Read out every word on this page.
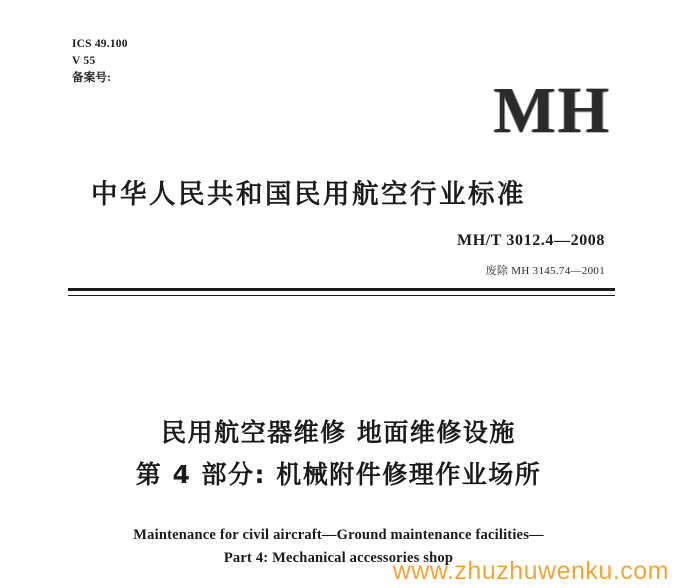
ICS 49.100
V 55
备案号:	MH
中华人民共和国民用航空行业标准
MH/T 3012.4—2008
废除 MH 3145.74—2001
民用航空器维修 地面维修设施
第 4 部分: 机械附件修理作业场所
Maintenance for civil aircraft—Ground maintenance facilities—
Part 4: Mechanical accessories shop
www.zhuzhuwenku.com
